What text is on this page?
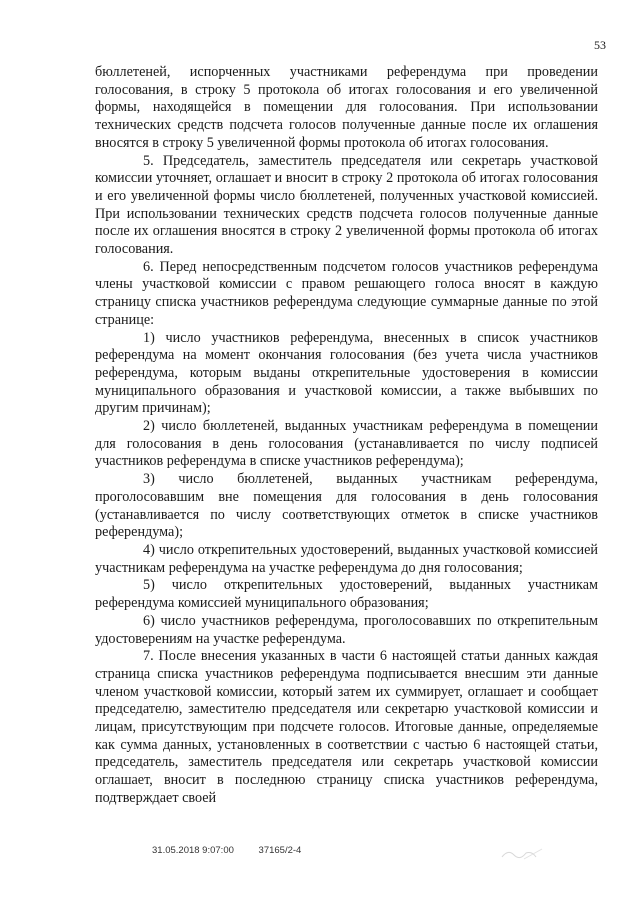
53

бюллетеней, испорченных участниками референдума при проведении голосования, в строку 5 протокола об итогах голосования и его увеличенной формы, находящейся в помещении для голосования. При использовании технических средств подсчета голосов полученные данные после их оглашения вносятся в строку 5 увеличенной формы протокола об итогах голосования.

5. Председатель, заместитель председателя или секретарь участковой комиссии уточняет, оглашает и вносит в строку 2 протокола об итогах голосования и его увеличенной формы число бюллетеней, полученных участковой комиссией. При использовании технических средств подсчета голосов полученные данные после их оглашения вносятся в строку 2 увеличенной формы протокола об итогах голосования.

6. Перед непосредственным подсчетом голосов участников референдума члены участковой комиссии с правом решающего голоса вносят в каждую страницу списка участников референдума следующие суммарные данные по этой странице:

1) число участников референдума, внесенных в список участников референдума на момент окончания голосования (без учета числа участников референдума, которым выданы открепительные удостоверения в комиссии муниципального образования и участковой комиссии, а также выбывших по другим причинам);

2) число бюллетеней, выданных участникам референдума в помещении для голосования в день голосования (устанавливается по числу подписей участников референдума в списке участников референдума);

3) число бюллетеней, выданных участникам референдума, проголосовавшим вне помещения для голосования в день голосования (устанавливается по числу соответствующих отметок в списке участников референдума);

4) число открепительных удостоверений, выданных участковой комиссией участникам референдума на участке референдума до дня голосования;

5) число открепительных удостоверений, выданных участникам референдума комиссией муниципального образования;

6) число участников референдума, проголосовавших по открепительным удостоверениям на участке референдума.

7. После внесения указанных в части 6 настоящей статьи данных каждая страница списка участников референдума подписывается внесшим эти данные членом участковой комиссии, который затем их суммирует, оглашает и сообщает председателю, заместителю председателя или секретарю участковой комиссии и лицам, присутствующим при подсчете голосов. Итоговые данные, определяемые как сумма данных, установленных в соответствии с частью 6 настоящей статьи, председатель, заместитель председателя или секретарь участковой комиссии оглашает, вносит в последнюю страницу списка участников референдума, подтверждает своей

31.05.2018 9:07:00	37165/2-4
